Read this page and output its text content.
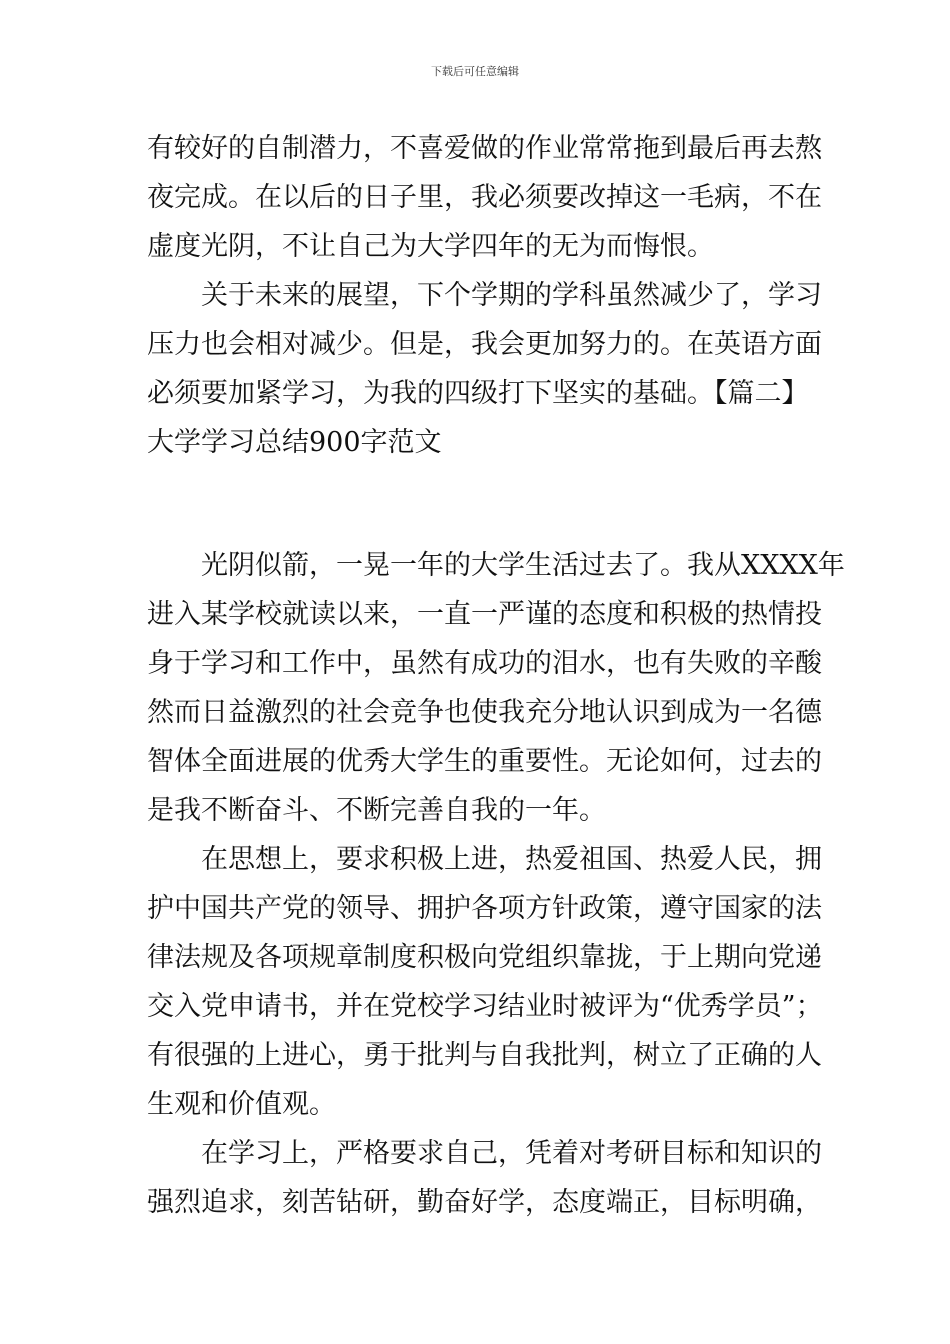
下载后可任意编辑
有较好的自制潜力，不喜爱做的作业常常拖到最后再去熬
夜完成。在以后的日子里，我必须要改掉这一毛病，不在
虚度光阴，不让自己为大学四年的无为而悔恨。
关于未来的展望，下个学期的学科虽然减少了，学习
压力也会相对减少。但是，我会更加努力的。在英语方面
必须要加紧学习，为我的四级打下坚实的基础。【篇二】
大学学习总结900字范文
光阴似箭，一晃一年的大学生活过去了。我从XXXX年
进入某学校就读以来，一直一严谨的态度和积极的热情投
身于学习和工作中，虽然有成功的泪水，也有失败的辛酸
然而日益激烈的社会竞争也使我充分地认识到成为一名德
智体全面进展的优秀大学生的重要性。无论如何，过去的
是我不断奋斗、不断完善自我的一年。
在思想上，要求积极上进，热爱祖国、热爱人民，拥
护中国共产党的领导、拥护各项方针政策，遵守国家的法
律法规及各项规章制度积极向党组织靠拢，于上期向党递
交入党申请书，并在党校学习结业时被评为“优秀学员”；
有很强的上进心，勇于批判与自我批判，树立了正确的人
生观和价值观。
在学习上，严格要求自己，凭着对考研目标和知识的
强烈追求，刻苦钻研，勤奋好学，态度端正，目标明确，
